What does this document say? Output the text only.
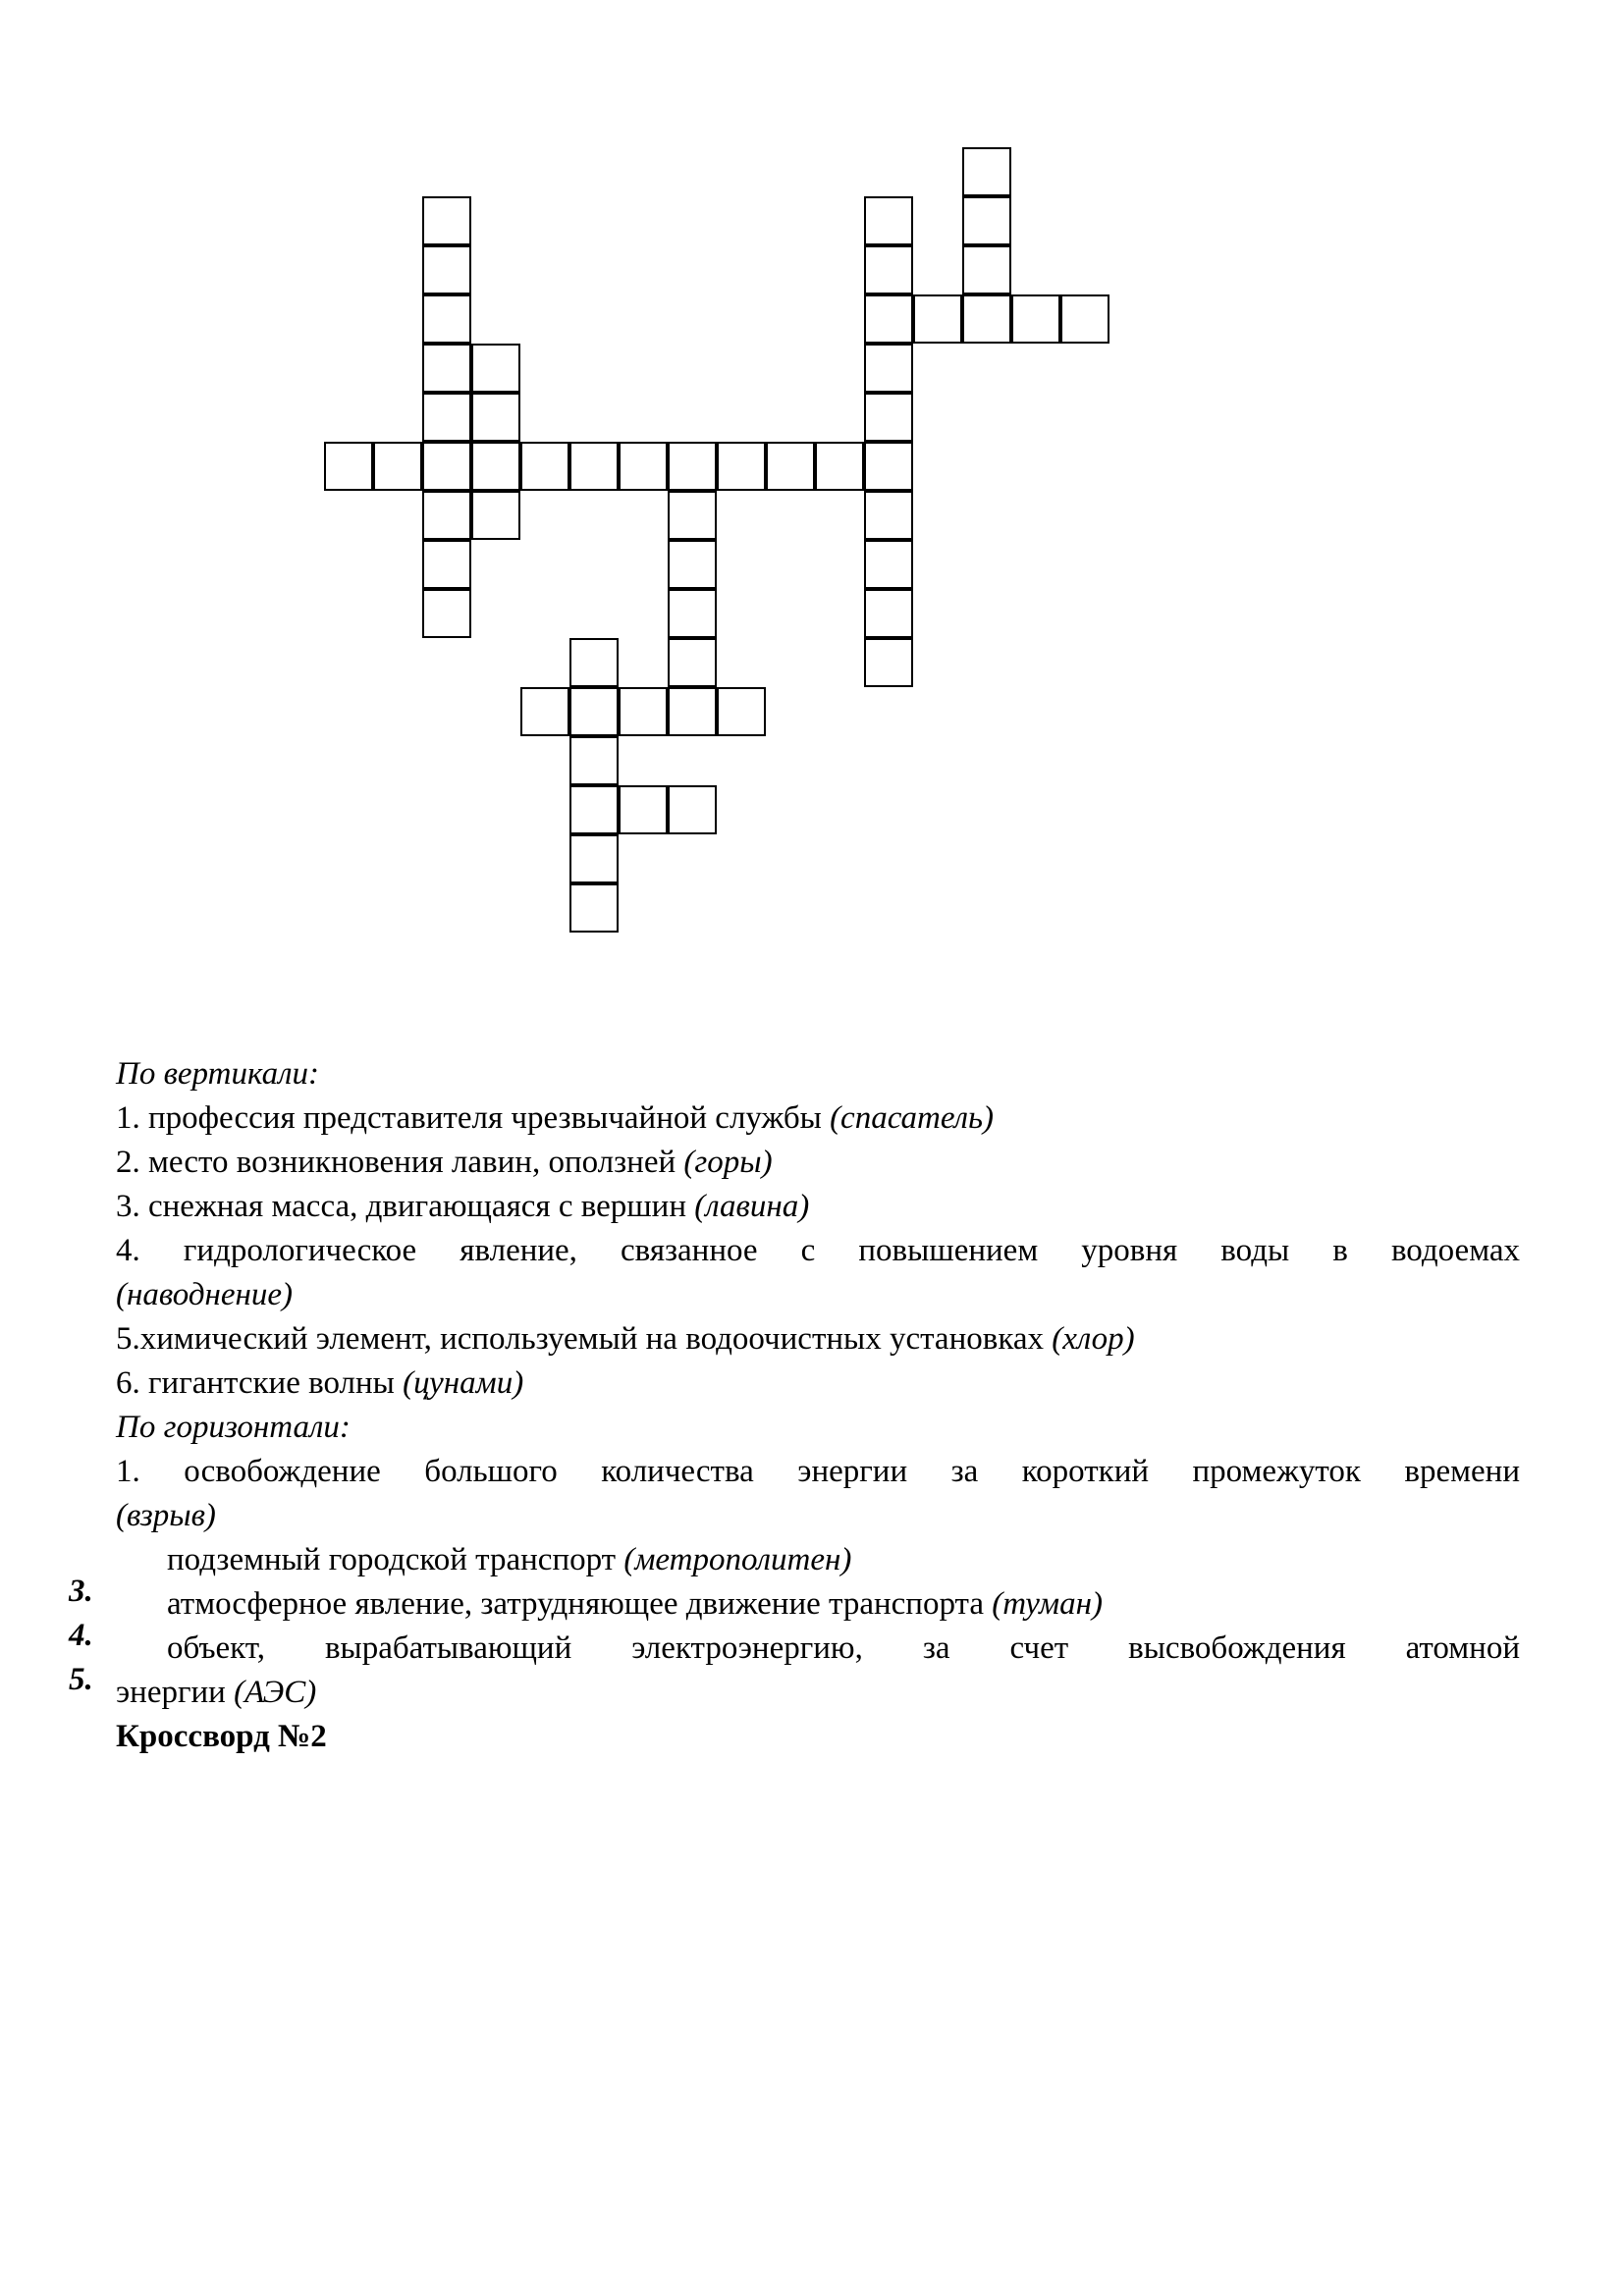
По вертикали:
1. профессия представителя чрезвычайной службы (спасатель)
2. место возникновения лавин, оползней (горы)
3. снежная масса, двигающаяся с вершин (лавина)
4. гидрологическое явление, связанное с повышением уровня воды в водоемах
(наводнение)
5.химический элемент, используемый на водоочистных установках (хлор)
6. гигантские волны (цунами)
По горизонтали:
1. освобождение большого количества энергии за короткий промежуток времени
(взрыв)
3.
подземный городской транспорт (метрополитен)
4.
атмосферное явление, затрудняющее движение транспорта (туман)
5.
объект, вырабатывающий электроэнергию, за счет высвобождения атомной
энергии (АЭС)
Кроссворд №2
